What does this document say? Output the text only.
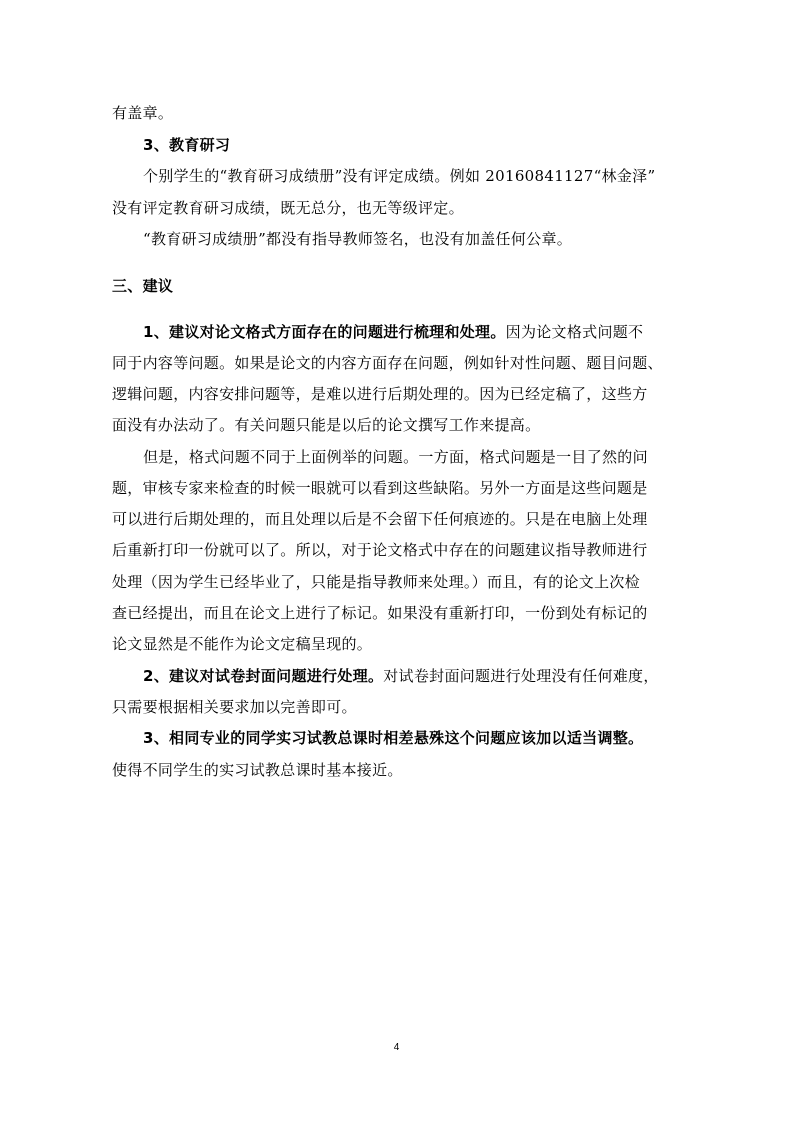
有盖章。
3、教育研习
个别学生的“教育研习成绩册”没有评定成绩。例如 20160841127“林金泽”
没有评定教育研习成绩，既无总分，也无等级评定。
“教育研习成绩册”都没有指导教师签名，也没有加盖任何公章。
三、建议
1、建议对论文格式方面存在的问题进行梳理和处理。因为论文格式问题不
同于内容等问题。如果是论文的内容方面存在问题，例如针对性问题、题目问题、
逻辑问题，内容安排问题等，是难以进行后期处理的。因为已经定稿了，这些方
面没有办法动了。有关问题只能是以后的论文撰写工作来提高。
但是，格式问题不同于上面例举的问题。一方面，格式问题是一目了然的问
题，审核专家来检查的时候一眼就可以看到这些缺陷。另外一方面是这些问题是
可以进行后期处理的，而且处理以后是不会留下任何痕迹的。只是在电脑上处理
后重新打印一份就可以了。所以，对于论文格式中存在的问题建议指导教师进行
处理（因为学生已经毕业了，只能是指导教师来处理。）而且，有的论文上次检
查已经提出，而且在论文上进行了标记。如果没有重新打印，一份到处有标记的
论文显然是不能作为论文定稿呈现的。
2、建议对试卷封面问题进行处理。对试卷封面问题进行处理没有任何难度，
只需要根据相关要求加以完善即可。
3、相同专业的同学实习试教总课时相差悬殊这个问题应该加以适当调整。
使得不同学生的实习试教总课时基本接近。
4
